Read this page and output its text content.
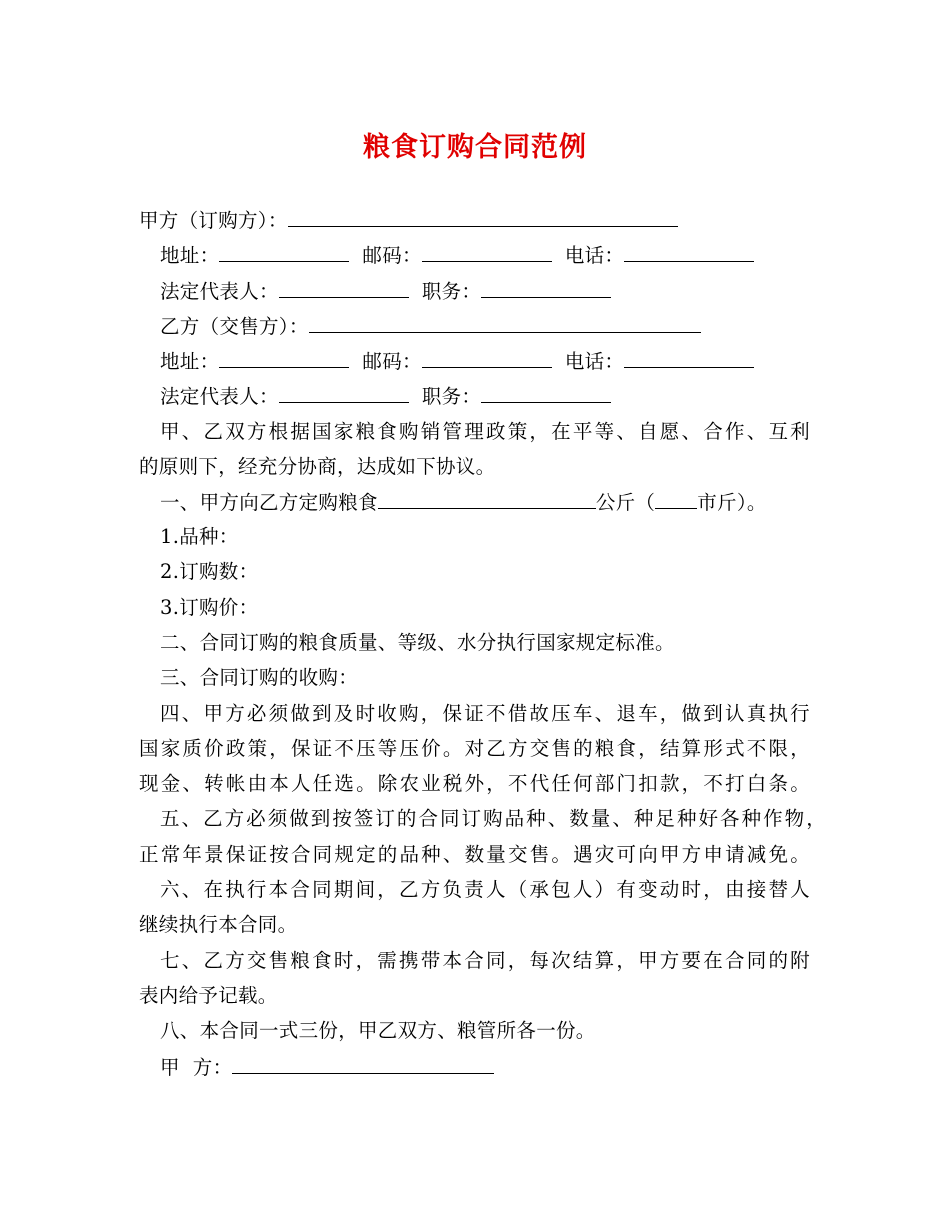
粮食订购合同范例
甲方（订购方）：
地址：	邮码：	电话：
法定代表人：	职务：
乙方（交售方）：
地址：	邮码：	电话：
法定代表人：	职务：
甲、乙双方根据国家粮食购销管理政策，在平等、自愿、合作、互利
的原则下，经充分协商，达成如下协议。
一、甲方向乙方定购粮食	公斤（ 市斤）。
1.品种：
2.订购数：
3.订购价：
二、合同订购的粮食质量、等级、水分执行国家规定标准。
三、合同订购的收购：
四、甲方必须做到及时收购，保证不借故压车、退车，做到认真执行
国家质价政策，保证不压等压价。对乙方交售的粮食，结算形式不限，
现金、转帐由本人任选。除农业税外，不代任何部门扣款，不打白条。
五、乙方必须做到按签订的合同订购品种、数量、种足种好各种作物，
正常年景保证按合同规定的品种、数量交售。遇灾可向甲方申请减免。
六、在执行本合同期间，乙方负责人（承包人）有变动时，由接替人
继续执行本合同。
七、乙方交售粮食时，需携带本合同，每次结算，甲方要在合同的附
表内给予记载。
八、本合同一式三份，甲乙双方、粮管所各一份。
甲  方：
